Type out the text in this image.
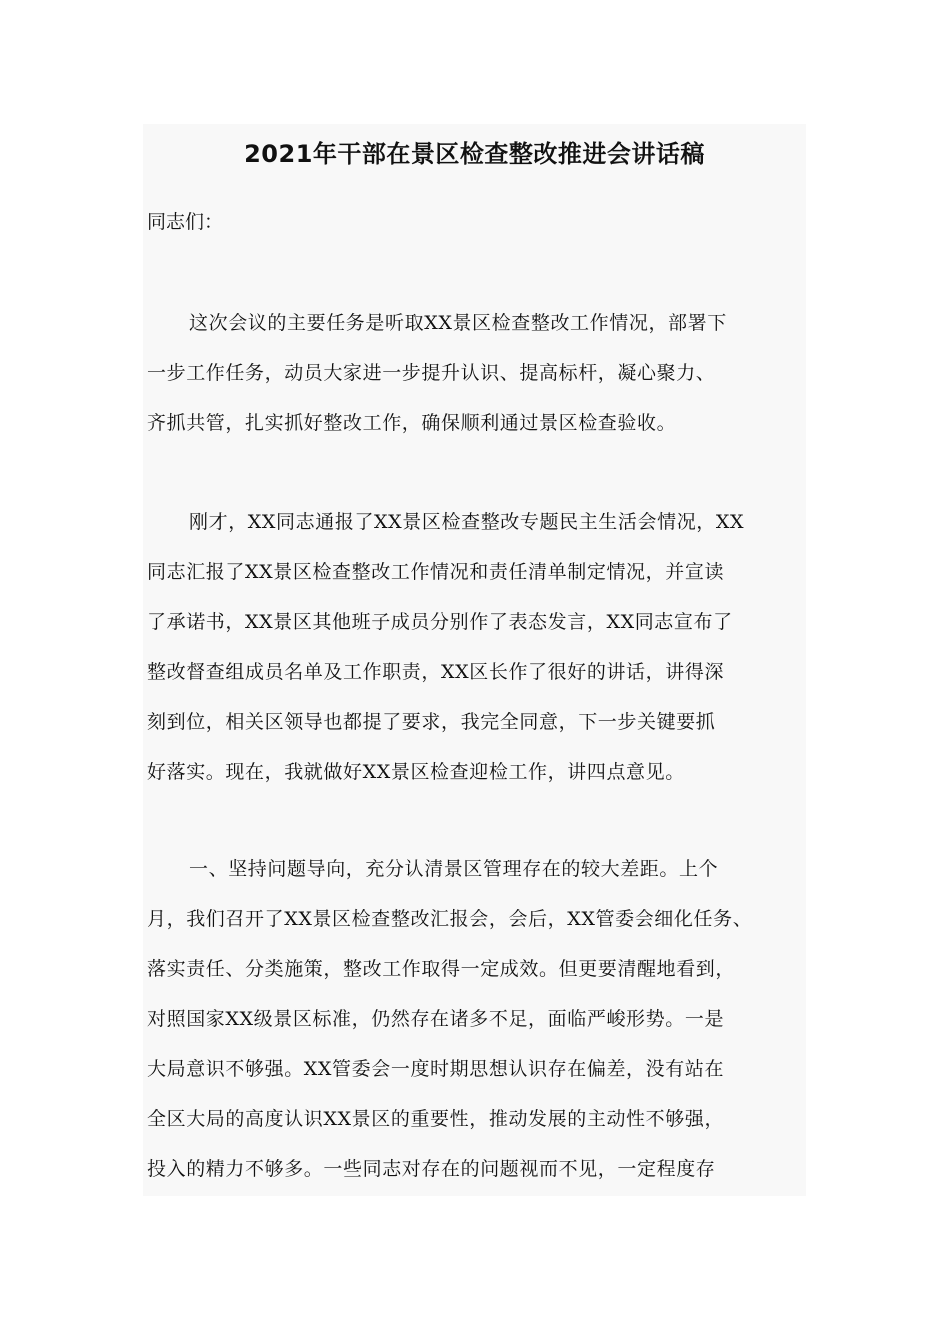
2021年干部在景区检查整改推进会讲话稿

同志们：

这次会议的主要任务是听取XX景区检查整改工作情况，部署下
一步工作任务，动员大家进一步提升认识、提高标杆，凝心聚力、
齐抓共管，扎实抓好整改工作，确保顺利通过景区检查验收。
刚才，XX同志通报了XX景区检查整改专题民主生活会情况，XX
同志汇报了XX景区检查整改工作情况和责任清单制定情况，并宣读
了承诺书，XX景区其他班子成员分别作了表态发言，XX同志宣布了
整改督查组成员名单及工作职责，XX区长作了很好的讲话，讲得深
刻到位，相关区领导也都提了要求，我完全同意，下一步关键要抓
好落实。现在，我就做好XX景区检查迎检工作，讲四点意见。
一、坚持问题导向，充分认清景区管理存在的较大差距。上个
月，我们召开了XX景区检查整改汇报会，会后，XX管委会细化任务、
落实责任、分类施策，整改工作取得一定成效。但更要清醒地看到，
对照国家XX级景区标准，仍然存在诸多不足，面临严峻形势。一是
大局意识不够强。XX管委会一度时期思想认识存在偏差，没有站在
全区大局的高度认识XX景区的重要性，推动发展的主动性不够强，
投入的精力不够多。一些同志对存在的问题视而不见，一定程度存
